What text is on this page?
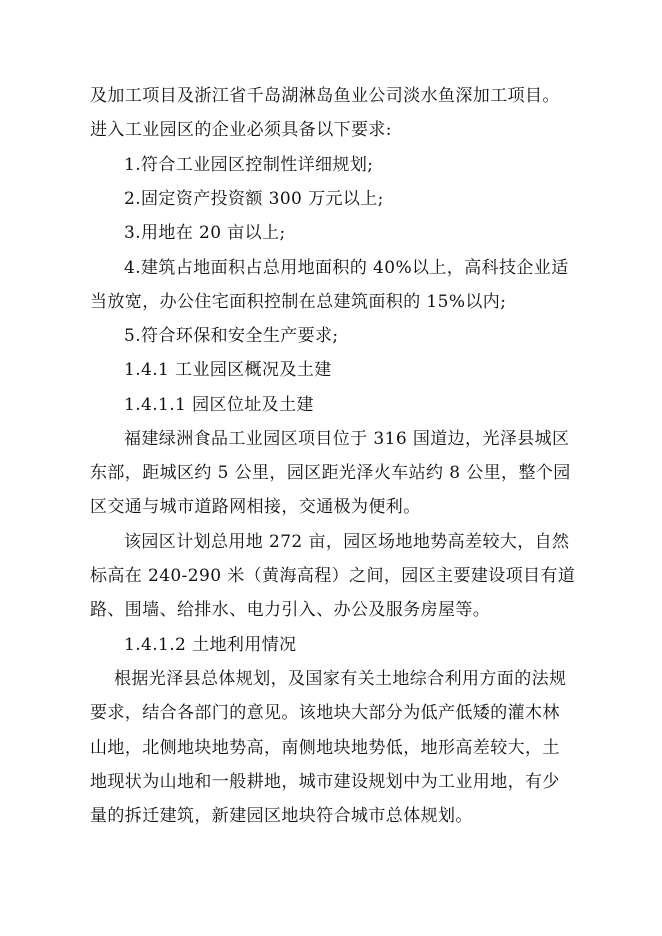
及加工项目及浙江省千岛湖淋岛鱼业公司淡水鱼深加工项目。
进入工业园区的企业必须具备以下要求:
1.符合工业园区控制性详细规划;
2.固定资产投资额 300 万元以上;
3.用地在 20 亩以上;
4.建筑占地面积占总用地面积的 40%以上，高科技企业适
当放宽，办公住宅面积控制在总建筑面积的 15%以内;
5.符合环保和安全生产要求;
1.4.1 工业园区概况及土建
1.4.1.1 园区位址及土建
福建绿洲食品工业园区项目位于 316 国道边，光泽县城区
东部，距城区约 5 公里，园区距光泽火车站约 8 公里，整个园
区交通与城市道路网相接，交通极为便利。
该园区计划总用地 272 亩，园区场地地势高差较大，自然
标高在 240-290 米（黄海高程）之间，园区主要建设项目有道
路、围墙、给排水、电力引入、办公及服务房屋等。
1.4.1.2 土地利用情况
根据光泽县总体规划，及国家有关土地综合利用方面的法规
要求，结合各部门的意见。该地块大部分为低产低矮的灌木林
山地，北侧地块地势高，南侧地块地势低，地形高差较大，土
地现状为山地和一般耕地，城市建设规划中为工业用地，有少
量的拆迁建筑，新建园区地块符合城市总体规划。
